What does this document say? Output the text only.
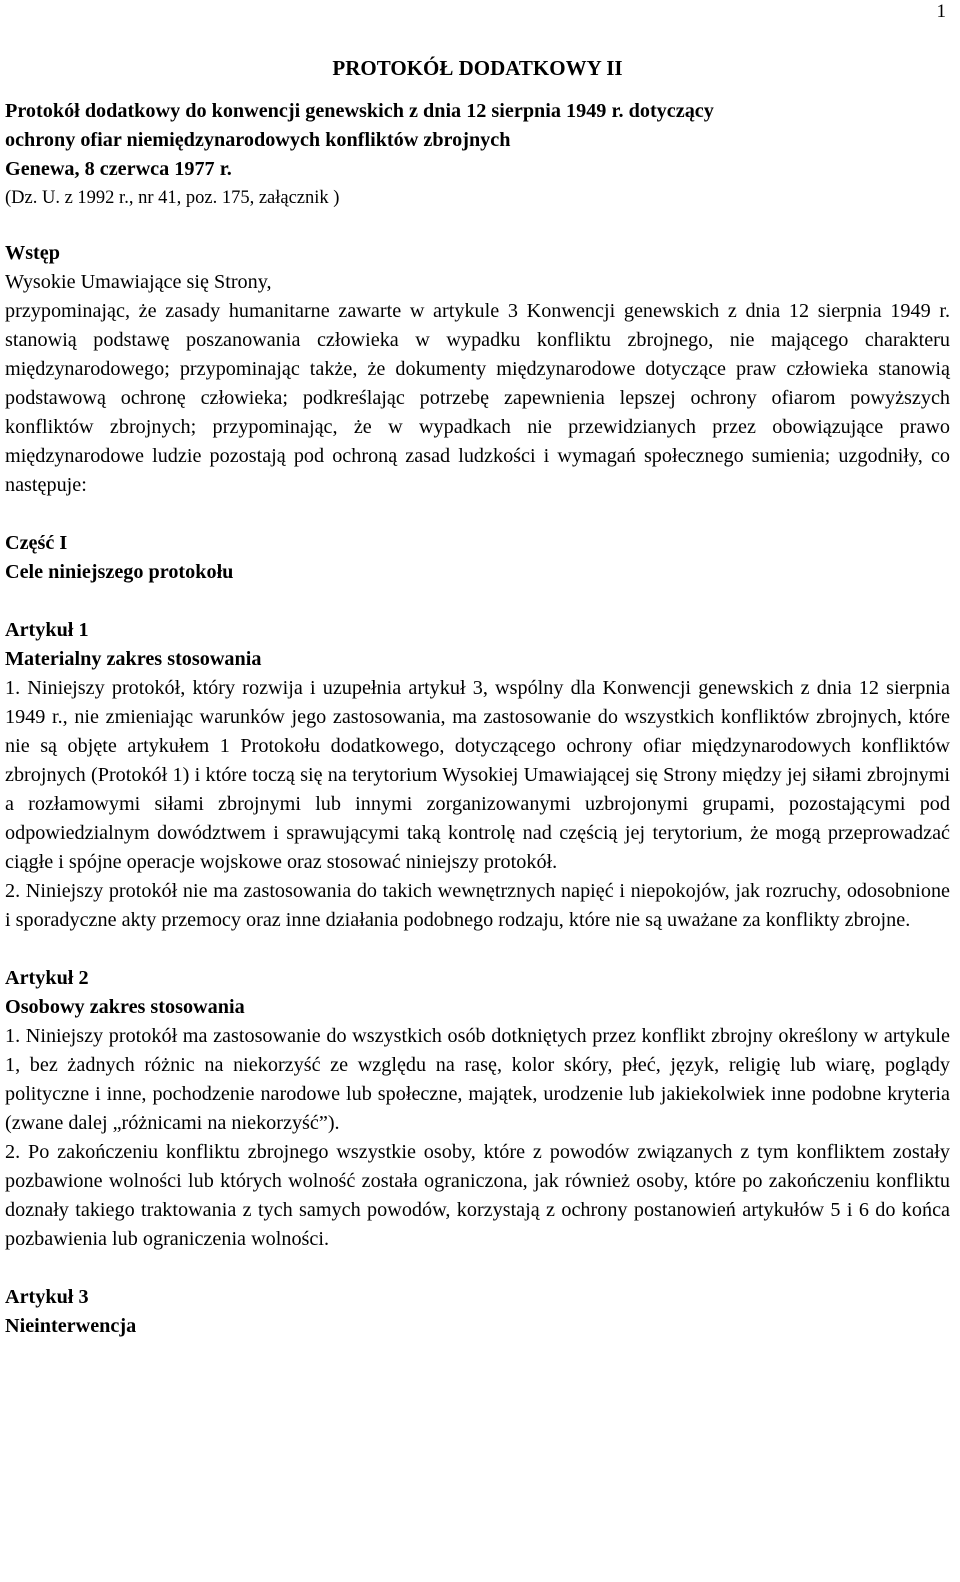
1
PROTOKÓŁ DODATKOWY II
Protokół dodatkowy do konwencji genewskich z dnia 12 sierpnia 1949 r. dotyczący
ochrony ofiar niemiędzynarodowych konfliktów zbrojnych
Genewa, 8 czerwca 1977 r.
(Dz. U. z 1992 r., nr 41, poz. 175, załącznik )
Wstęp
Wysokie Umawiające się Strony,
przypominając, że zasady humanitarne zawarte w artykule 3 Konwencji genewskich z dnia 12 sierpnia 1949 r. stanowią podstawę poszanowania człowieka w wypadku konfliktu zbrojnego, nie mającego charakteru międzynarodowego; przypominając także, że dokumenty międzynarodowe dotyczące praw człowieka stanowią podstawową ochronę człowieka; podkreślając potrzebę zapewnienia lepszej ochrony ofiarom powyższych konfliktów zbrojnych; przypominając, że w wypadkach nie przewidzianych przez obowiązujące prawo międzynarodowe ludzie pozostają pod ochroną zasad ludzkości i wymagań społecznego sumienia; uzgodniły, co następuje:
Część I
Cele niniejszego protokołu
Artykuł 1
Materialny zakres stosowania
1. Niniejszy protokół, który rozwija i uzupełnia artykuł 3, wspólny dla Konwencji genewskich z dnia 12 sierpnia 1949 r., nie zmieniając warunków jego zastosowania, ma zastosowanie do wszystkich konfliktów zbrojnych, które nie są objęte artykułem 1 Protokołu dodatkowego, dotyczącego ochrony ofiar międzynarodowych konfliktów zbrojnych (Protokół 1) i które toczą się na terytorium Wysokiej Umawiającej się Strony między jej siłami zbrojnymi a rozłamowymi siłami zbrojnymi lub innymi zorganizowanymi uzbrojonymi grupami, pozostającymi pod odpowiedzialnym dowództwem i sprawującymi taką kontrolę nad częścią jej terytorium, że mogą przeprowadzać ciągłe i spójne operacje wojskowe oraz stosować niniejszy protokół.
2. Niniejszy protokół nie ma zastosowania do takich wewnętrznych napięć i niepokojów, jak rozruchy, odosobnione i sporadyczne akty przemocy oraz inne działania podobnego rodzaju, które nie są uważane za konflikty zbrojne.
Artykuł 2
Osobowy zakres stosowania
1. Niniejszy protokół ma zastosowanie do wszystkich osób dotkniętych przez konflikt zbrojny określony w artykule 1, bez żadnych różnic na niekorzyść ze względu na rasę, kolor skóry, płeć, język, religię lub wiarę, poglądy polityczne i inne, pochodzenie narodowe lub społeczne, majątek, urodzenie lub jakiekolwiek inne podobne kryteria (zwane dalej „różnicami na niekorzyść”).
2. Po zakończeniu konfliktu zbrojnego wszystkie osoby, które z powodów związanych z tym konfliktem zostały pozbawione wolności lub których wolność została ograniczona, jak również osoby, które po zakończeniu konfliktu doznały takiego traktowania z tych samych powodów, korzystają z ochrony postanowień artykułów 5 i 6 do końca pozbawienia lub ograniczenia wolności.
Artykuł 3
Nieinterwencja
